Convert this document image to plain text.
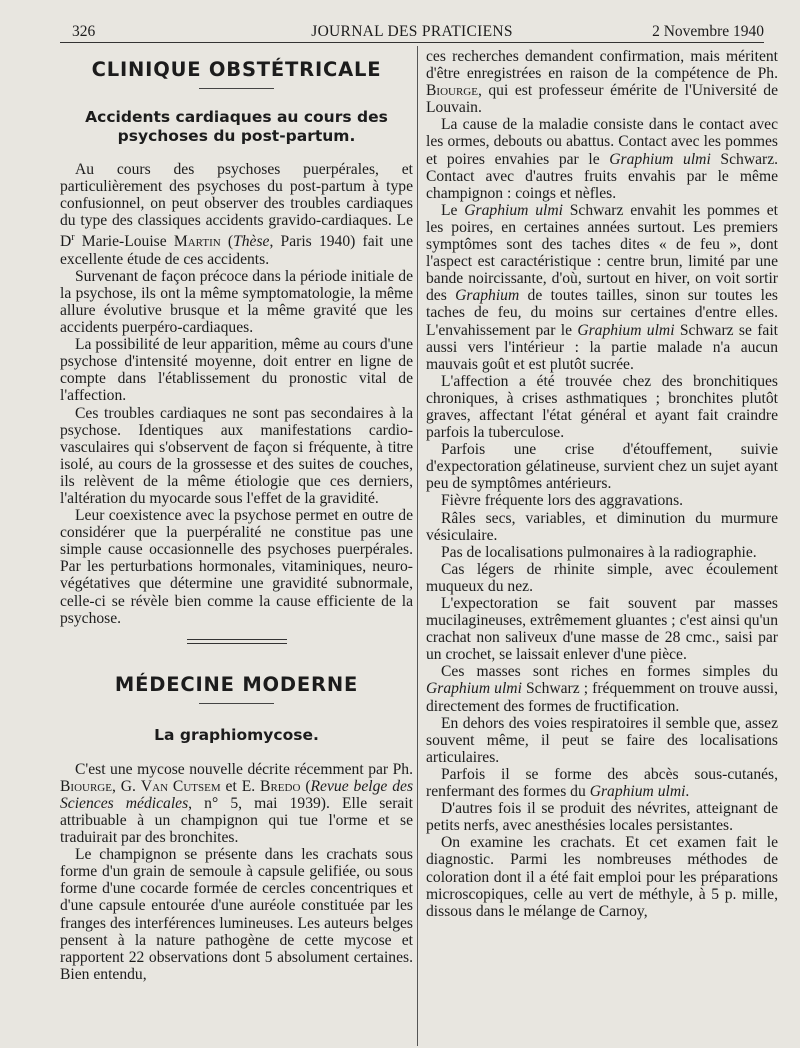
326	JOURNAL DES PRATICIENS	2 Novembre 1940
CLINIQUE OBSTÉTRICALE
Accidents cardiaques au cours des psychoses du post-partum.

Au cours des psychoses puerpérales, et particulièrement des psychoses du post-partum à type confusionnel, on peut observer des troubles cardiaques du type des classiques accidents gravido-cardiaques. Le $D^r$ Marie-Louise Martin (Thèse, Paris 1940) fait une excellente étude de ces accidents.

Survenant de façon précoce dans la période initiale de la psychose, ils ont la même symptomatologie, la même allure évolutive brusque et la même gravité que les accidents puerpéro-cardiaques.

La possibilité de leur apparition, même au cours d'une psychose d'intensité moyenne, doit entrer en ligne de compte dans l'établissement du pronostic vital de l'affection.

Ces troubles cardiaques ne sont pas secondaires à la psychose. Identiques aux manifestations cardio-vasculaires qui s'observent de façon si fréquente, à titre isolé, au cours de la grossesse et des suites de couches, ils relèvent de la même étiologie que ces derniers, l'altération du myocarde sous l'effet de la gravidité.

Leur coexistence avec la psychose permet en outre de considérer que la puerpéralité ne constitue pas une simple cause occasionnelle des psychoses puerpérales. Par les perturbations hormonales, vitaminiques, neuro-végétatives que détermine une gravidité subnormale, celle-ci se révèle bien comme la cause efficiente de la psychose.

MÉDECINE MODERNE
La graphiomycose.

C'est une mycose nouvelle décrite récemment par Ph. Biourge, G. Van Cutsem et E. Bredo (Revue belge des Sciences médicales, n° 5, mai 1939). Elle serait attribuable à un champignon qui tue l'orme et se traduirait par des bronchites.

Le champignon se présente dans les crachats sous forme d'un grain de semoule à capsule gelifiée, ou sous forme d'une cocarde formée de cercles concentriques et d'une capsule entourée d'une auréole constituée par les franges des interférences lumineuses. Les auteurs belges pensent à la nature pathogène de cette mycose et rapportent 22 observations dont 5 absolument certaines. Bien entendu,

ces recherches demandent confirmation, mais méritent d'être enregistrées en raison de la compétence de Ph. Biourge, qui est professeur émérite de l'Université de Louvain.

La cause de la maladie consiste dans le contact avec les ormes, debouts ou abattus. Contact avec les pommes et poires envahies par le Graphium ulmi Schwarz. Contact avec d'autres fruits envahis par le même champignon : coings et nèfles.

Le Graphium ulmi Schwarz envahit les pommes et les poires, en certaines années surtout. Les premiers symptômes sont des taches dites « de feu », dont l'aspect est caractéristique : centre brun, limité par une bande noircissante, d'où, surtout en hiver, on voit sortir des Graphium de toutes tailles, sinon sur toutes les taches de feu, du moins sur certaines d'entre elles. L'envahissement par le Graphium ulmi Schwarz se fait aussi vers l'intérieur : la partie malade n'a aucun mauvais goût et est plutôt sucrée.

L'affection a été trouvée chez des bronchitiques chroniques, à crises asthmatiques ; bronchites plutôt graves, affectant l'état général et ayant fait craindre parfois la tuberculose.

Parfois une crise d'étouffement, suivie d'expectoration gélatineuse, survient chez un sujet ayant peu de symptômes antérieurs.

Fièvre fréquente lors des aggravations.

Râles secs, variables, et diminution du murmure vésiculaire.

Pas de localisations pulmonaires à la radiographie.

Cas légers de rhinite simple, avec écoulement muqueux du nez.

L'expectoration se fait souvent par masses mucilagineuses, extrêmement gluantes ; c'est ainsi qu'un crachat non saliveux d'une masse de 28 cmc., saisi par un crochet, se laissait enlever d'une pièce.

Ces masses sont riches en formes simples du Graphium ulmi Schwarz ; fréquemment on trouve aussi, directement des formes de fructification.

En dehors des voies respiratoires il semble que, assez souvent même, il peut se faire des localisations articulaires.

Parfois il se forme des abcès sous-cutanés, renfermant des formes du Graphium ulmi.

D'autres fois il se produit des névrites, atteignant de petits nerfs, avec anesthésies locales persistantes.

On examine les crachats. Et cet examen fait le diagnostic. Parmi les nombreuses méthodes de coloration dont il a été fait emploi pour les préparations microscopiques, celle au vert de méthyle, à 5 p. mille, dissous dans le mélange de Carnoy,
